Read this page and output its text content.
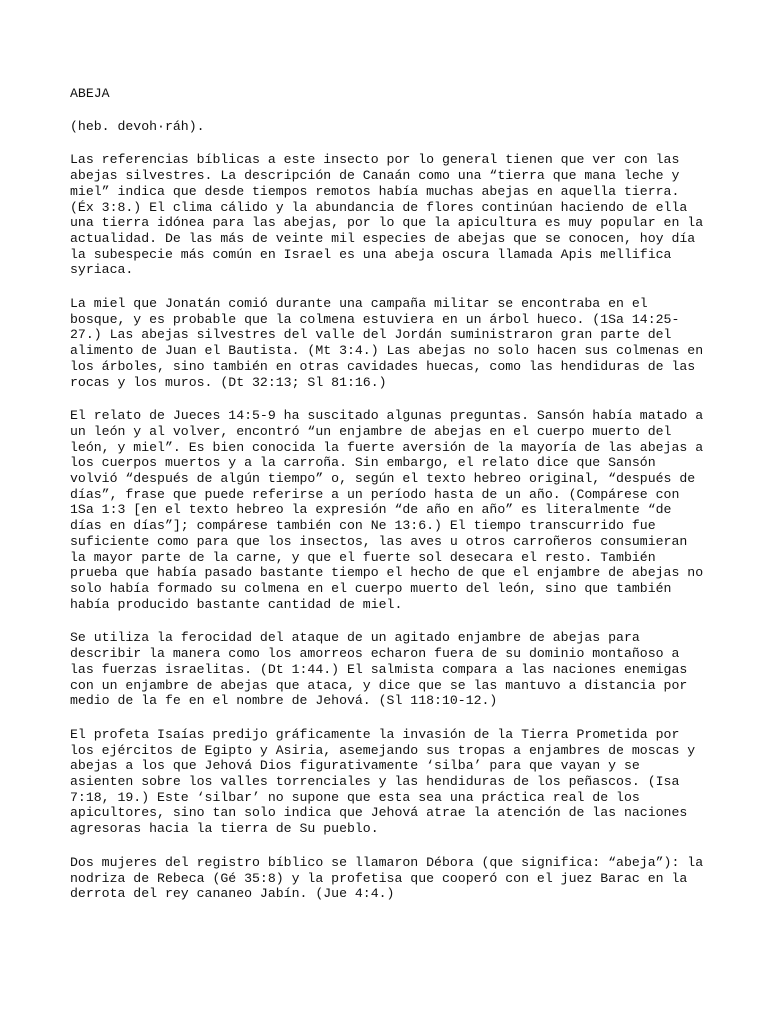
ABEJA
(heb. devoh·ráh).

Las referencias bíblicas a este insecto por lo general tienen que ver con las abejas silvestres. La descripción de Canaán como una “tierra que mana leche y miel” indica que desde tiempos remotos había muchas abejas en aquella tierra. (Éx 3:8.) El clima cálido y la abundancia de flores continúan haciendo de ella una tierra idónea para las abejas, por lo que la apicultura es muy popular en la actualidad. De las más de veinte mil especies de abejas que se conocen, hoy día la subespecie más común en Israel es una abeja oscura llamada Apis mellifica syriaca.

La miel que Jonatán comió durante una campaña militar se encontraba en el bosque, y es probable que la colmena estuviera en un árbol hueco. (1Sa 14:25-27.) Las abejas silvestres del valle del Jordán suministraron gran parte del alimento de Juan el Bautista. (Mt 3:4.) Las abejas no solo hacen sus colmenas en los árboles, sino también en otras cavidades huecas, como las hendiduras de las rocas y los muros. (Dt 32:13; Sl 81:16.)

El relato de Jueces 14:5-9 ha suscitado algunas preguntas. Sansón había matado a un león y al volver, encontró “un enjambre de abejas en el cuerpo muerto del león, y miel”. Es bien conocida la fuerte aversión de la mayoría de las abejas a los cuerpos muertos y a la carroña. Sin embargo, el relato dice que Sansón volvió “después de algún tiempo” o, según el texto hebreo original, “después de días”, frase que puede referirse a un período hasta de un año. (Compárese con 1Sa 1:3 [en el texto hebreo la expresión “de año en año” es literalmente “de días en días”]; compárese también con Ne 13:6.) El tiempo transcurrido fue suficiente como para que los insectos, las aves u otros carroñeros consumieran la mayor parte de la carne, y que el fuerte sol desecara el resto. También prueba que había pasado bastante tiempo el hecho de que el enjambre de abejas no solo había formado su colmena en el cuerpo muerto del león, sino que también había producido bastante cantidad de miel.

Se utiliza la ferocidad del ataque de un agitado enjambre de abejas para describir la manera como los amorreos echaron fuera de su dominio montañoso a las fuerzas israelitas. (Dt 1:44.) El salmista compara a las naciones enemigas con un enjambre de abejas que ataca, y dice que se las mantuvo a distancia por medio de la fe en el nombre de Jehová. (Sl 118:10-12.)

El profeta Isaías predijo gráficamente la invasión de la Tierra Prometida por los ejércitos de Egipto y Asiria, asemejando sus tropas a enjambres de moscas y abejas a los que Jehová Dios figurativamente ‘silba’ para que vayan y se asienten sobre los valles torrenciales y las hendiduras de los peñascos. (Isa 7:18, 19.) Este ‘silbar’ no supone que esta sea una práctica real de los apicultores, sino tan solo indica que Jehová atrae la atención de las naciones agresoras hacia la tierra de Su pueblo.

Dos mujeres del registro bíblico se llamaron Débora (que significa: “abeja”): la nodriza de Rebeca (Gé 35:8) y la profetisa que cooperó con el juez Barac en la derrota del rey cananeo Jabín. (Jue 4:4.)
